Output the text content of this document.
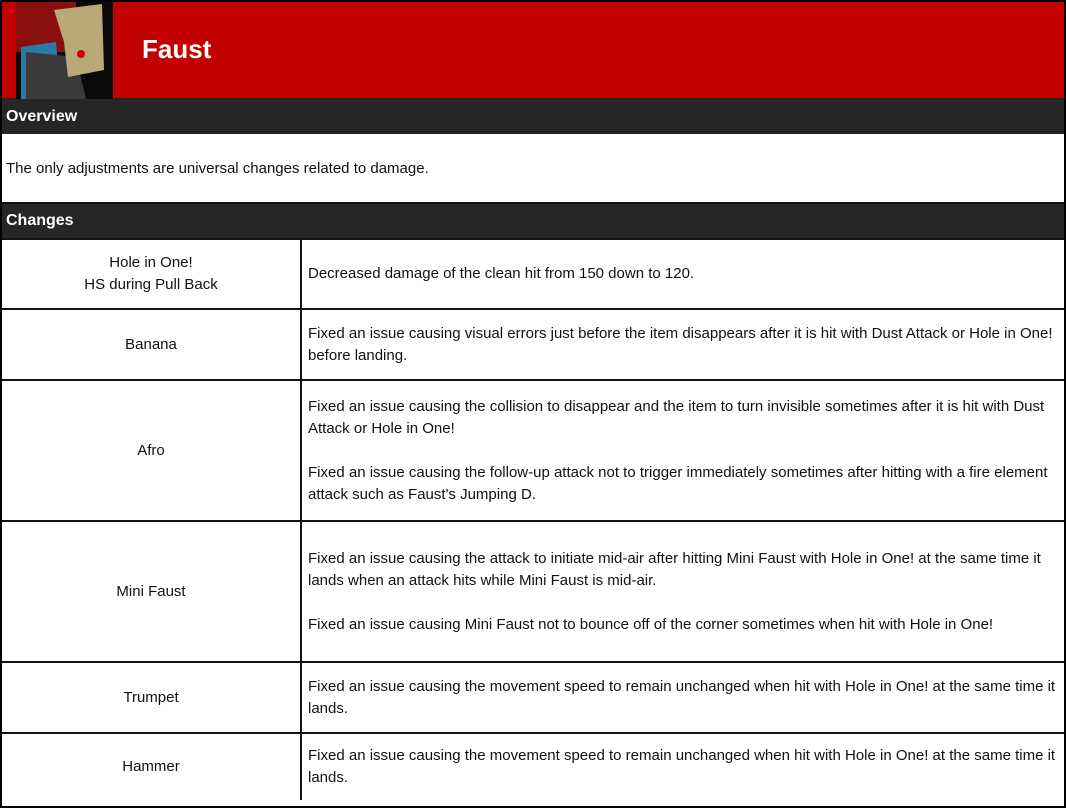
Faust
Overview
The only adjustments are universal changes related to damage.
Changes
Hole in One!
HS during Pull Back

Decreased damage of the clean hit from 150 down to 120.

Banana

Fixed an issue causing visual errors just before the item disappears after it is hit with Dust Attack or Hole in One! before landing.

Afro

Fixed an issue causing the collision to disappear and the item to turn invisible sometimes after it is hit with Dust Attack or Hole in One!

Fixed an issue causing the follow-up attack not to trigger immediately sometimes after hitting with a fire element attack such as Faust's Jumping D.

Mini Faust

Fixed an issue causing the attack to initiate mid-air after hitting Mini Faust with Hole in One! at the same time it lands when an attack hits while Mini Faust is mid-air.

Fixed an issue causing Mini Faust not to bounce off of the corner sometimes when hit with Hole in One!

Trumpet

Fixed an issue causing the movement speed to remain unchanged when hit with Hole in One! at the same time it lands.

Hammer

Fixed an issue causing the movement speed to remain unchanged when hit with Hole in One! at the same time it lands.
